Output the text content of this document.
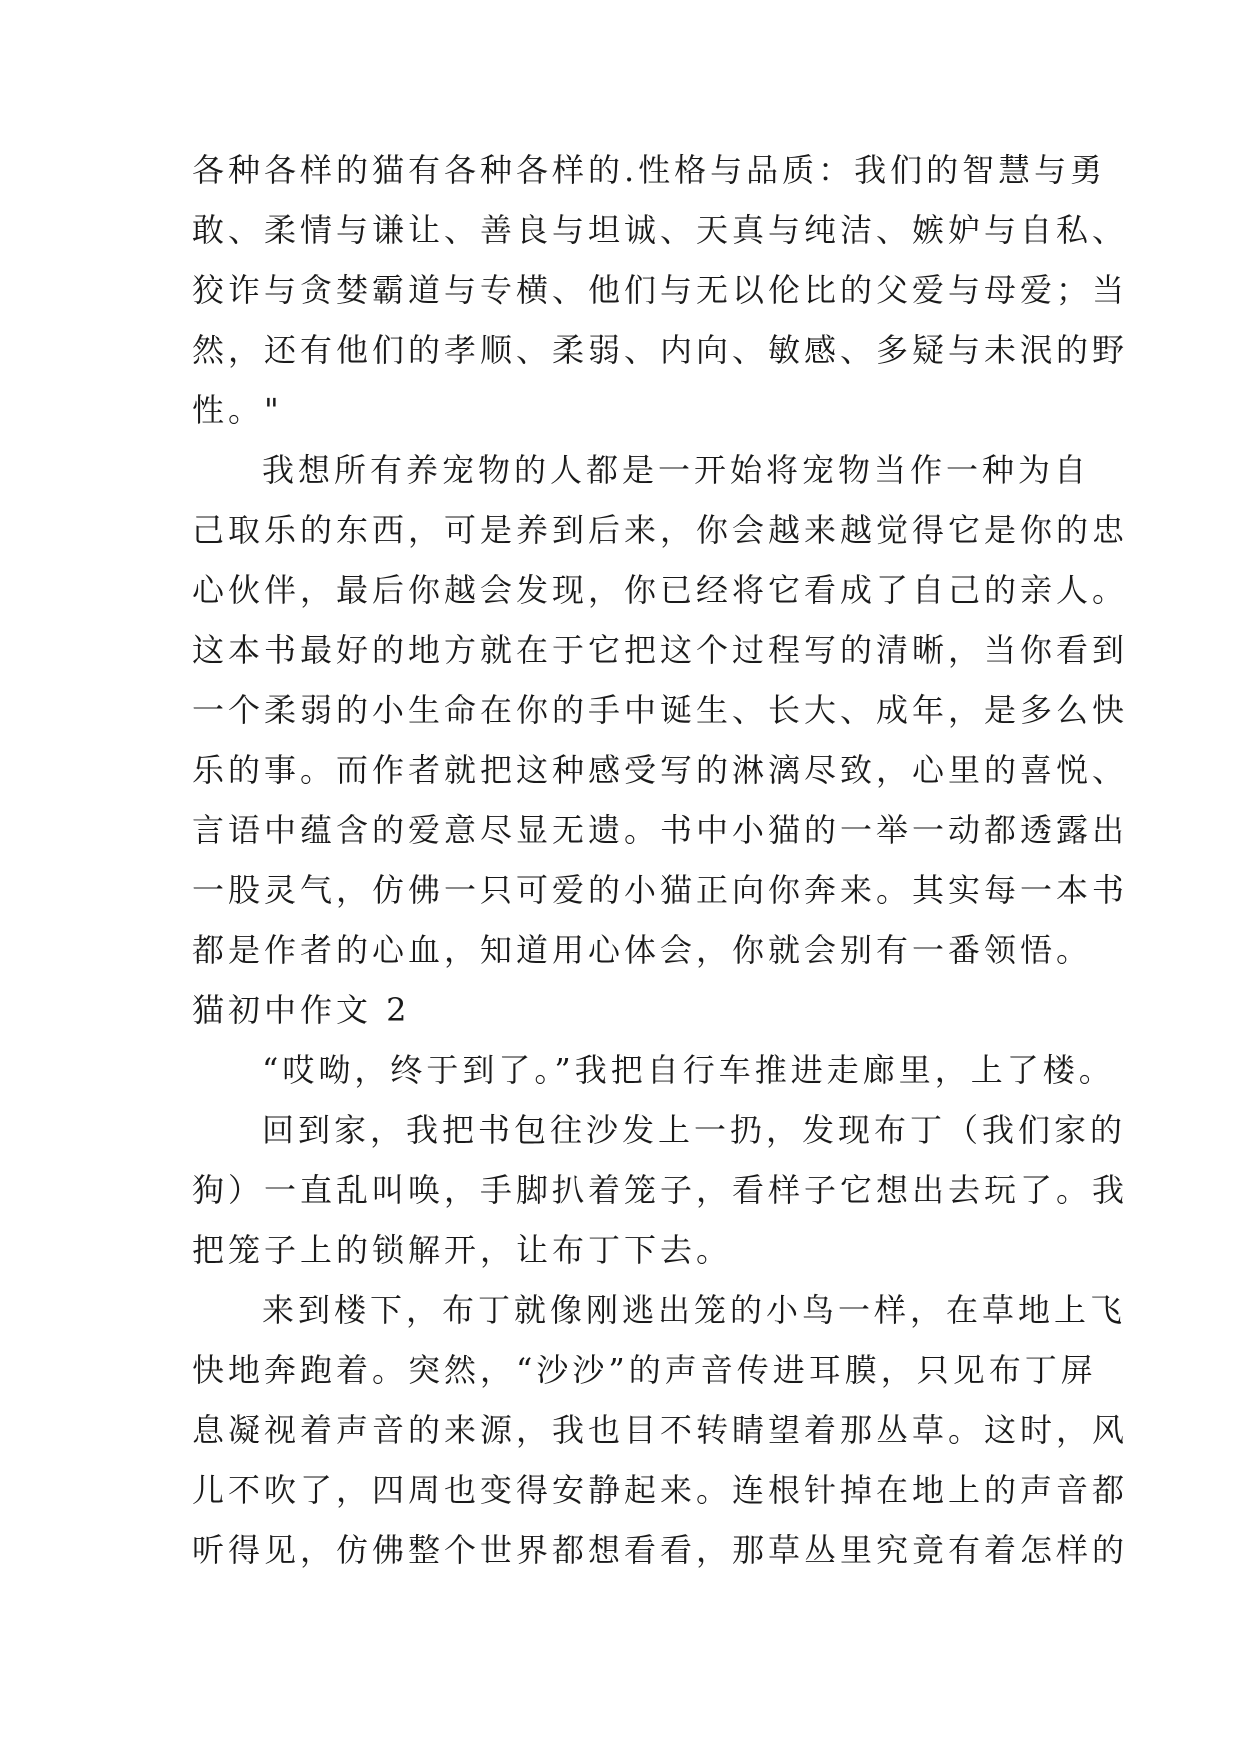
各种各样的猫有各种各样的.性格与品质：我们的智慧与勇
敢、柔情与谦让、善良与坦诚、天真与纯洁、嫉妒与自私、
狡诈与贪婪霸道与专横、他们与无以伦比的父爱与母爱；当
然，还有他们的孝顺、柔弱、内向、敏感、多疑与未泯的野
性。"
我想所有养宠物的人都是一开始将宠物当作一种为自
己取乐的东西，可是养到后来，你会越来越觉得它是你的忠
心伙伴，最后你越会发现，你已经将它看成了自己的亲人。
这本书最好的地方就在于它把这个过程写的清晰，当你看到
一个柔弱的小生命在你的手中诞生、长大、成年，是多么快
乐的事。而作者就把这种感受写的淋漓尽致，心里的喜悦、
言语中蕴含的爱意尽显无遗。书中小猫的一举一动都透露出
一股灵气，仿佛一只可爱的小猫正向你奔来。其实每一本书
都是作者的心血，知道用心体会，你就会别有一番领悟。
猫初中作文 2
“哎呦，终于到了。”我把自行车推进走廊里，上了楼。
回到家，我把书包往沙发上一扔，发现布丁（我们家的
狗）一直乱叫唤，手脚扒着笼子，看样子它想出去玩了。我
把笼子上的锁解开，让布丁下去。
来到楼下，布丁就像刚逃出笼的小鸟一样，在草地上飞
快地奔跑着。突然，“沙沙”的声音传进耳膜，只见布丁屏
息凝视着声音的来源，我也目不转睛望着那丛草。这时，风
儿不吹了，四周也变得安静起来。连根针掉在地上的声音都
听得见，仿佛整个世界都想看看，那草丛里究竟有着怎样的
